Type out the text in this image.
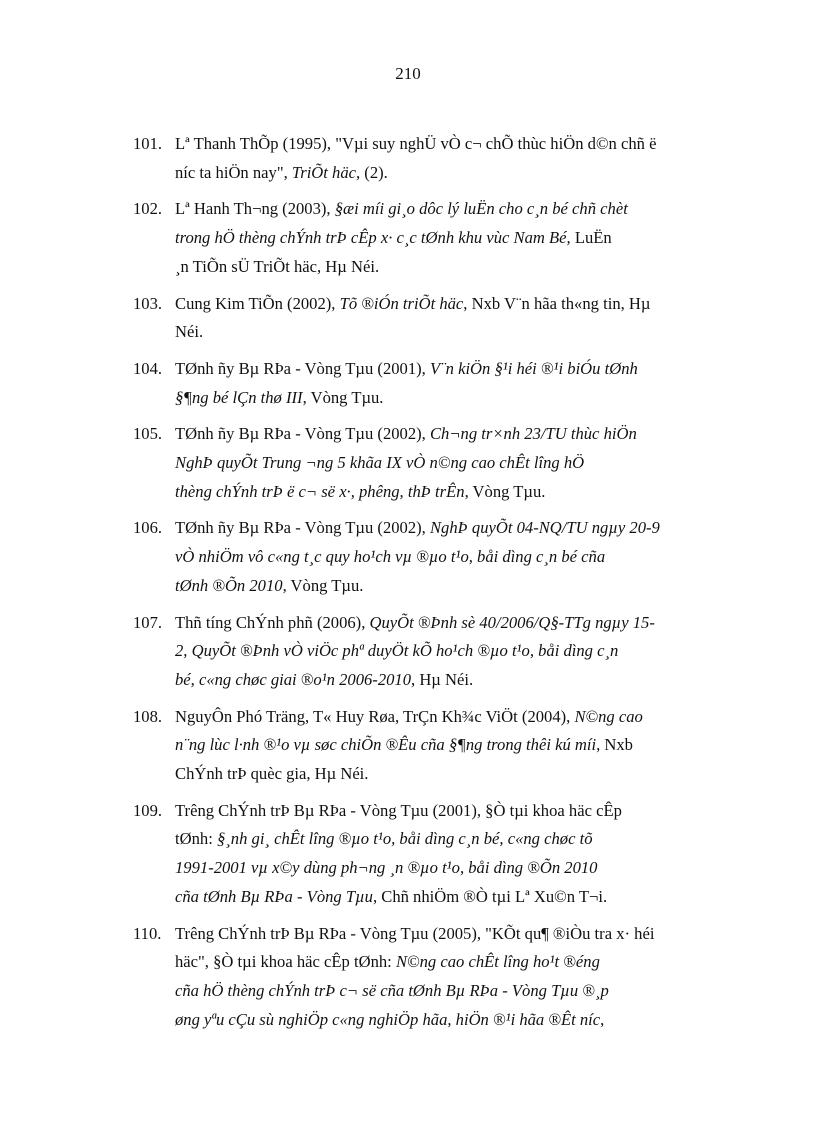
210
101. Lª Thanh ThÕp (1995), "Vµi suy nghÜ vÒ c¬ chÕ thùc hiÖn d©n chñ ë
níc ta hiÖn nay", TriÕt häc, (2).
102. Lª Hanh Th¬ng (2003), §æi míi gi¸o dôc lý luËn cho c¸n bé chñ chèt
trong hÖ thèng chÝnh trÞ cÊp x· c¸c tØnh khu vùc Nam Bé, LuËn
¸n TiÕn sÜ TriÕt häc, Hµ Néi.
103. Cung Kim TiÕn (2002), Tõ ®iÓn triÕt häc, Nxb V¨n hãa th«ng tin, Hµ
Néi.
104. TØnh ñy Bµ RÞa - Vòng Tµu (2001), V¨n kiÖn §¹i héi ®¹i biÓu tØnh
§¶ng bé lÇn thø III, Vòng Tµu.
105. TØnh ñy Bµ RÞa - Vòng Tµu (2002), Ch¬ng tr×nh 23/TU thùc hiÖn
NghÞ quyÕt Trung ¬ng 5 khãa IX vÒ n©ng cao chÊt lîng hÖ
thèng chÝnh trÞ ë c¬ së x·, phêng, thÞ trÊn, Vòng Tµu.
106. TØnh ñy Bµ RÞa - Vòng Tµu (2002), NghÞ quyÕt 04-NQ/TU ngµy 20-9
vÒ nhiÖm vô c«ng t¸c quy ho¹ch vµ ®µo t¹o, båi dìng c¸n bé cña
tØnh ®Õn 2010, Vòng Tµu.
107. Thñ tíng ChÝnh phñ (2006), QuyÕt ®Þnh sè 40/2006/Q§-TTg ngµy 15-
2, QuyÕt ®Þnh vÒ viÖc phª duyÖt kÕ ho¹ch ®µo t¹o, båi dìng c¸n
bé, c«ng chøc giai ®o¹n 2006-2010, Hµ Néi.
108. NguyÔn Phó Träng, T« Huy Røa, TrÇn Kh¾c ViÖt (2004), N©ng cao
n¨ng lùc l·nh ®¹o vµ søc chiÕn ®Êu cña §¶ng trong thêi kú míi, Nxb
ChÝnh trÞ quèc gia, Hµ Néi.
109. Trêng ChÝnh trÞ Bµ RÞa - Vòng Tµu (2001), §Ò tµi khoa häc cÊp
tØnh: §¸nh gi¸ chÊt lîng ®µo t¹o, båi dìng c¸n bé, c«ng chøc tõ
1991-2001 vµ x©y dùng ph¬ng ¸n ®µo t¹o, båi dìng ®Õn 2010
cña tØnh Bµ RÞa - Vòng Tµu, Chñ nhiÖm ®Ò tµi Lª Xu©n T¬i.
110. Trêng ChÝnh trÞ Bµ RÞa - Vòng Tµu (2005), "KÕt qu¶ ®iÒu tra x· héi
häc", §Ò tµi khoa häc cÊp tØnh: N©ng cao chÊt lîng ho¹t ®éng
cña hÖ thèng chÝnh trÞ c¬ së cña tØnh Bµ RÞa - Vòng Tµu ®¸p
øng yªu cÇu sù nghiÖp c«ng nghiÖp hãa, hiÖn ®¹i hãa ®Êt níc,
